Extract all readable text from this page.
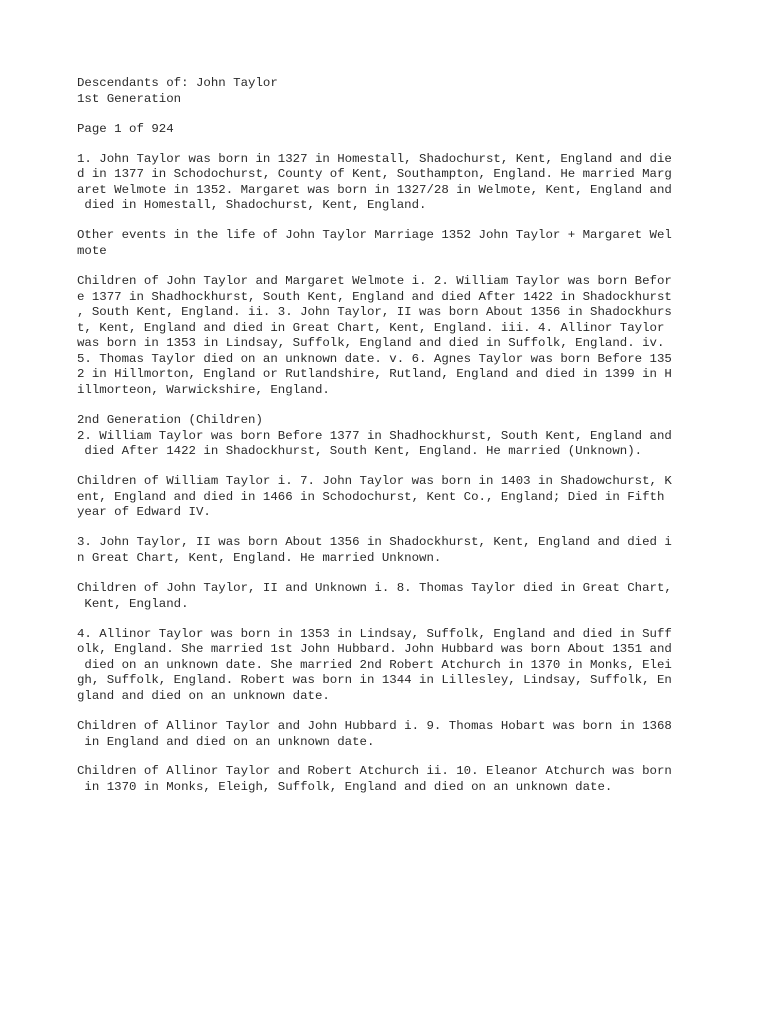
Descendants of: John Taylor
1st Generation
Page 1 of 924
1. John Taylor was born in 1327 in Homestall, Shadochurst, Kent, England and die
d in 1377 in Schodochurst, County of Kent, Southampton, England. He married Marg
aret Welmote in 1352. Margaret was born in 1327/28 in Welmote, Kent, England and
died in Homestall, Shadochurst, Kent, England.
Other events in the life of John Taylor Marriage 1352 John Taylor + Margaret Wel
mote
Children of John Taylor and Margaret Welmote i. 2. William Taylor was born Befor
e 1377 in Shadhockhurst, South Kent, England and died After 1422 in Shadockhurst
, South Kent, England. ii. 3. John Taylor, II was born About 1356 in Shadockhurs
t, Kent, England and died in Great Chart, Kent, England. iii. 4. Allinor Taylor
was born in 1353 in Lindsay, Suffolk, England and died in Suffolk, England. iv.
5. Thomas Taylor died on an unknown date. v. 6. Agnes Taylor was born Before 135
2 in Hillmorton, England or Rutlandshire, Rutland, England and died in 1399 in H
illmorteon, Warwickshire, England.
2nd Generation (Children)
2. William Taylor was born Before 1377 in Shadhockhurst, South Kent, England and
died After 1422 in Shadockhurst, South Kent, England. He married (Unknown).
Children of William Taylor i. 7. John Taylor was born in 1403 in Shadowchurst, K
ent, England and died in 1466 in Schodochurst, Kent Co., England; Died in Fifth
year of Edward IV.
3. John Taylor, II was born About 1356 in Shadockhurst, Kent, England and died i
n Great Chart, Kent, England. He married Unknown.
Children of John Taylor, II and Unknown i. 8. Thomas Taylor died in Great Chart,
Kent, England.
4. Allinor Taylor was born in 1353 in Lindsay, Suffolk, England and died in Suff
olk, England. She married 1st John Hubbard. John Hubbard was born About 1351 and
died on an unknown date. She married 2nd Robert Atchurch in 1370 in Monks, Elei
gh, Suffolk, England. Robert was born in 1344 in Lillesley, Lindsay, Suffolk, En
gland and died on an unknown date.
Children of Allinor Taylor and John Hubbard i. 9. Thomas Hobart was born in 1368
in England and died on an unknown date.
Children of Allinor Taylor and Robert Atchurch ii. 10. Eleanor Atchurch was born
in 1370 in Monks, Eleigh, Suffolk, England and died on an unknown date.
